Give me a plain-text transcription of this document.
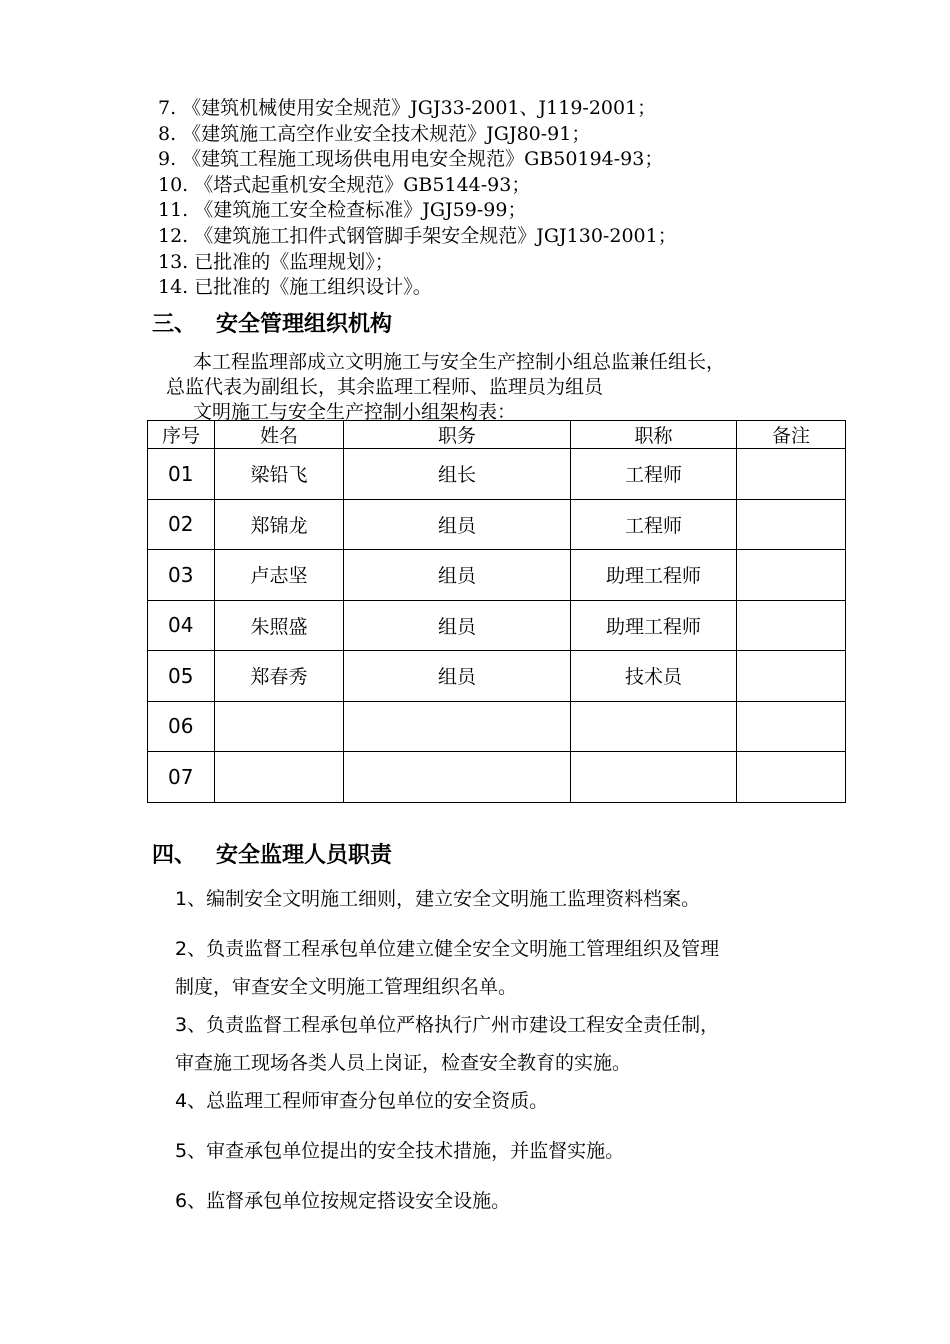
7. 《建筑机械使用安全规范》JGJ33-2001、J119-2001；
8. 《建筑施工高空作业安全技术规范》JGJ80-91；
9. 《建筑工程施工现场供电用电安全规范》GB50194-93；
10. 《塔式起重机安全规范》GB5144-93；
11. 《建筑施工安全检查标准》JGJ59-99；
12. 《建筑施工扣件式钢管脚手架安全规范》JGJ130-2001；
13. 已批准的《监理规划》；
14. 已批准的《施工组织设计》。
三、 安全管理组织机构
本工程监理部成立文明施工与安全生产控制小组总监兼任组长，
总监代表为副组长，其余监理工程师、监理员为组员
文明施工与安全生产控制小组架构表：
序号	姓名	职务	职称	备注
01	梁铅飞	组长	工程师	
02	郑锦龙	组员	工程师	
03	卢志坚	组员	助理工程师	
04	朱照盛	组员	助理工程师	
05	郑春秀	组员	技术员	
06				
07				
四、 安全监理人员职责

1、编制安全文明施工细则，建立安全文明施工监理资料档案。

2、负责监督工程承包单位建立健全安全文明施工管理组织及管理
制度，审查安全文明施工管理组织名单。

3、负责监督工程承包单位严格执行广州市建设工程安全责任制，
审查施工现场各类人员上岗证，检查安全教育的实施。

4、总监理工程师审查分包单位的安全资质。

5、审查承包单位提出的安全技术措施，并监督实施。

6、监督承包单位按规定搭设安全设施。
